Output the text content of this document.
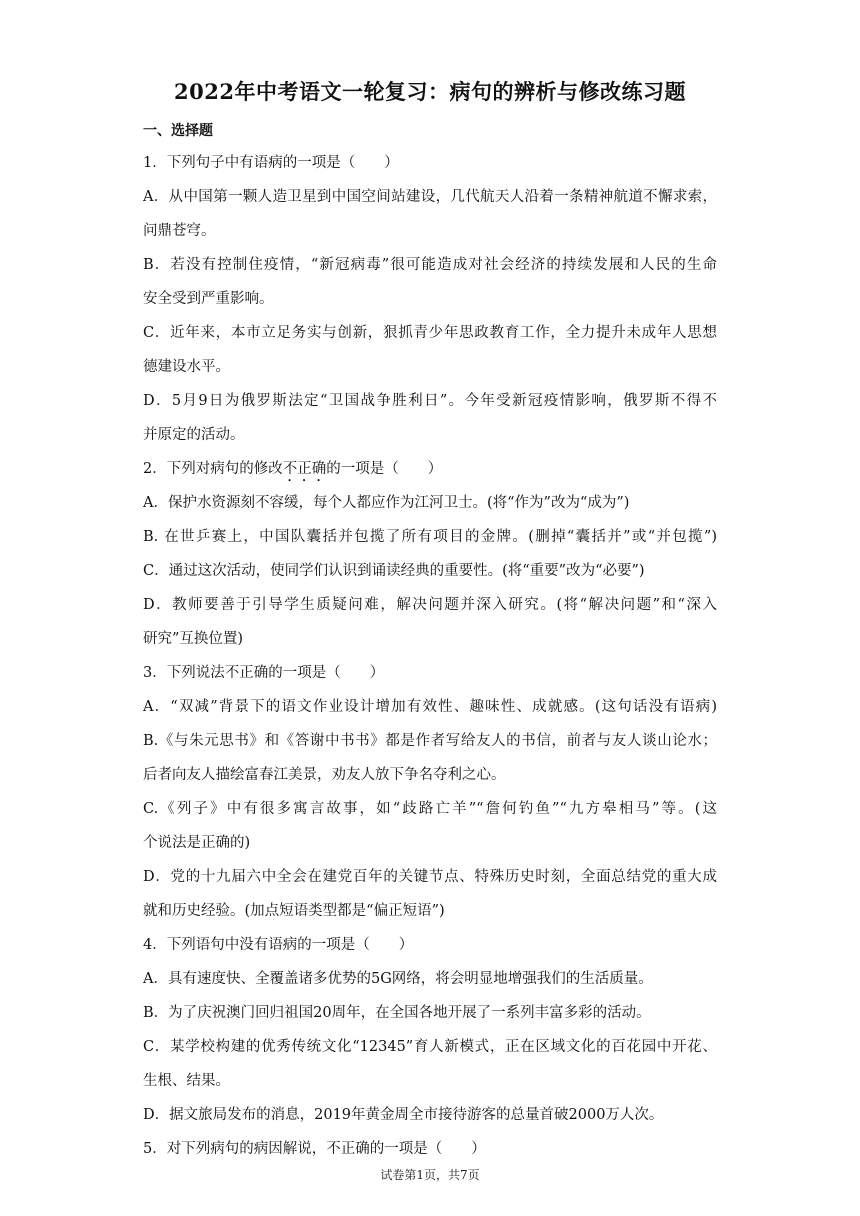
2022年中考语文一轮复习：病句的辨析与修改练习题
一、选择题
1．下列句子中有语病的一项是（　　）
A．从中国第一颗人造卫星到中国空间站建设，几代航天人沿着一条精神航道不懈求索，
问鼎苍穹。
B．若没有控制住疫情，“新冠病毒”很可能造成对社会经济的持续发展和人民的生命
安全受到严重影响。
C．近年来，本市立足务实与创新，狠抓青少年思政教育工作，全力提升未成年人思想
德建设水平。
D．5月9日为俄罗斯法定“卫国战争胜利日”。今年受新冠疫情影响，俄罗斯不得不
并原定的活动。
2．下列对病句的修改不正确的一项是（　　）
A．保护水资源刻不容缓，每个人都应作为江河卫士。(将“作为”改为“成为”)
B. 在世乒赛上，中国队囊括并包揽了所有项目的金牌。(删掉“囊括并”或“并包揽”)
C．通过这次活动，使同学们认识到诵读经典的重要性。(将“重要”改为“必要”)
D．教师要善于引导学生质疑问难，解决问题并深入研究。(将“解决问题”和“深入
研究”互换位置)
3．下列说法不正确的一项是（　　）
A．“双减”背景下的语文作业设计增加有效性、趣味性、成就感。(这句话没有语病)
B.《与朱元思书》和《答谢中书书》都是作者写给友人的书信，前者与友人谈山论水；
后者向友人描绘富春江美景，劝友人放下争名夺利之心。
C.《列子》中有很多寓言故事，如“歧路亡羊”“詹何钓鱼”“九方皋相马”等。(这
个说法是正确的)
D．党的十九届六中全会在建党百年的关键节点、特殊历史时刻，全面总结党的重大成
就和历史经验。(加点短语类型都是“偏正短语”)
4．下列语句中没有语病的一项是（　　）
A．具有速度快、全覆盖诸多优势的5G网络，将会明显地增强我们的生活质量。
B．为了庆祝澳门回归祖国20周年，在全国各地开展了一系列丰富多彩的活动。
C．某学校构建的优秀传统文化“12345”育人新模式，正在区域文化的百花园中开花、
生根、结果。
D．据文旅局发布的消息，2019年黄金周全市接待游客的总量首破2000万人次。
5．对下列病句的病因解说，不正确的一项是（　　）
试卷第1页，共7页
